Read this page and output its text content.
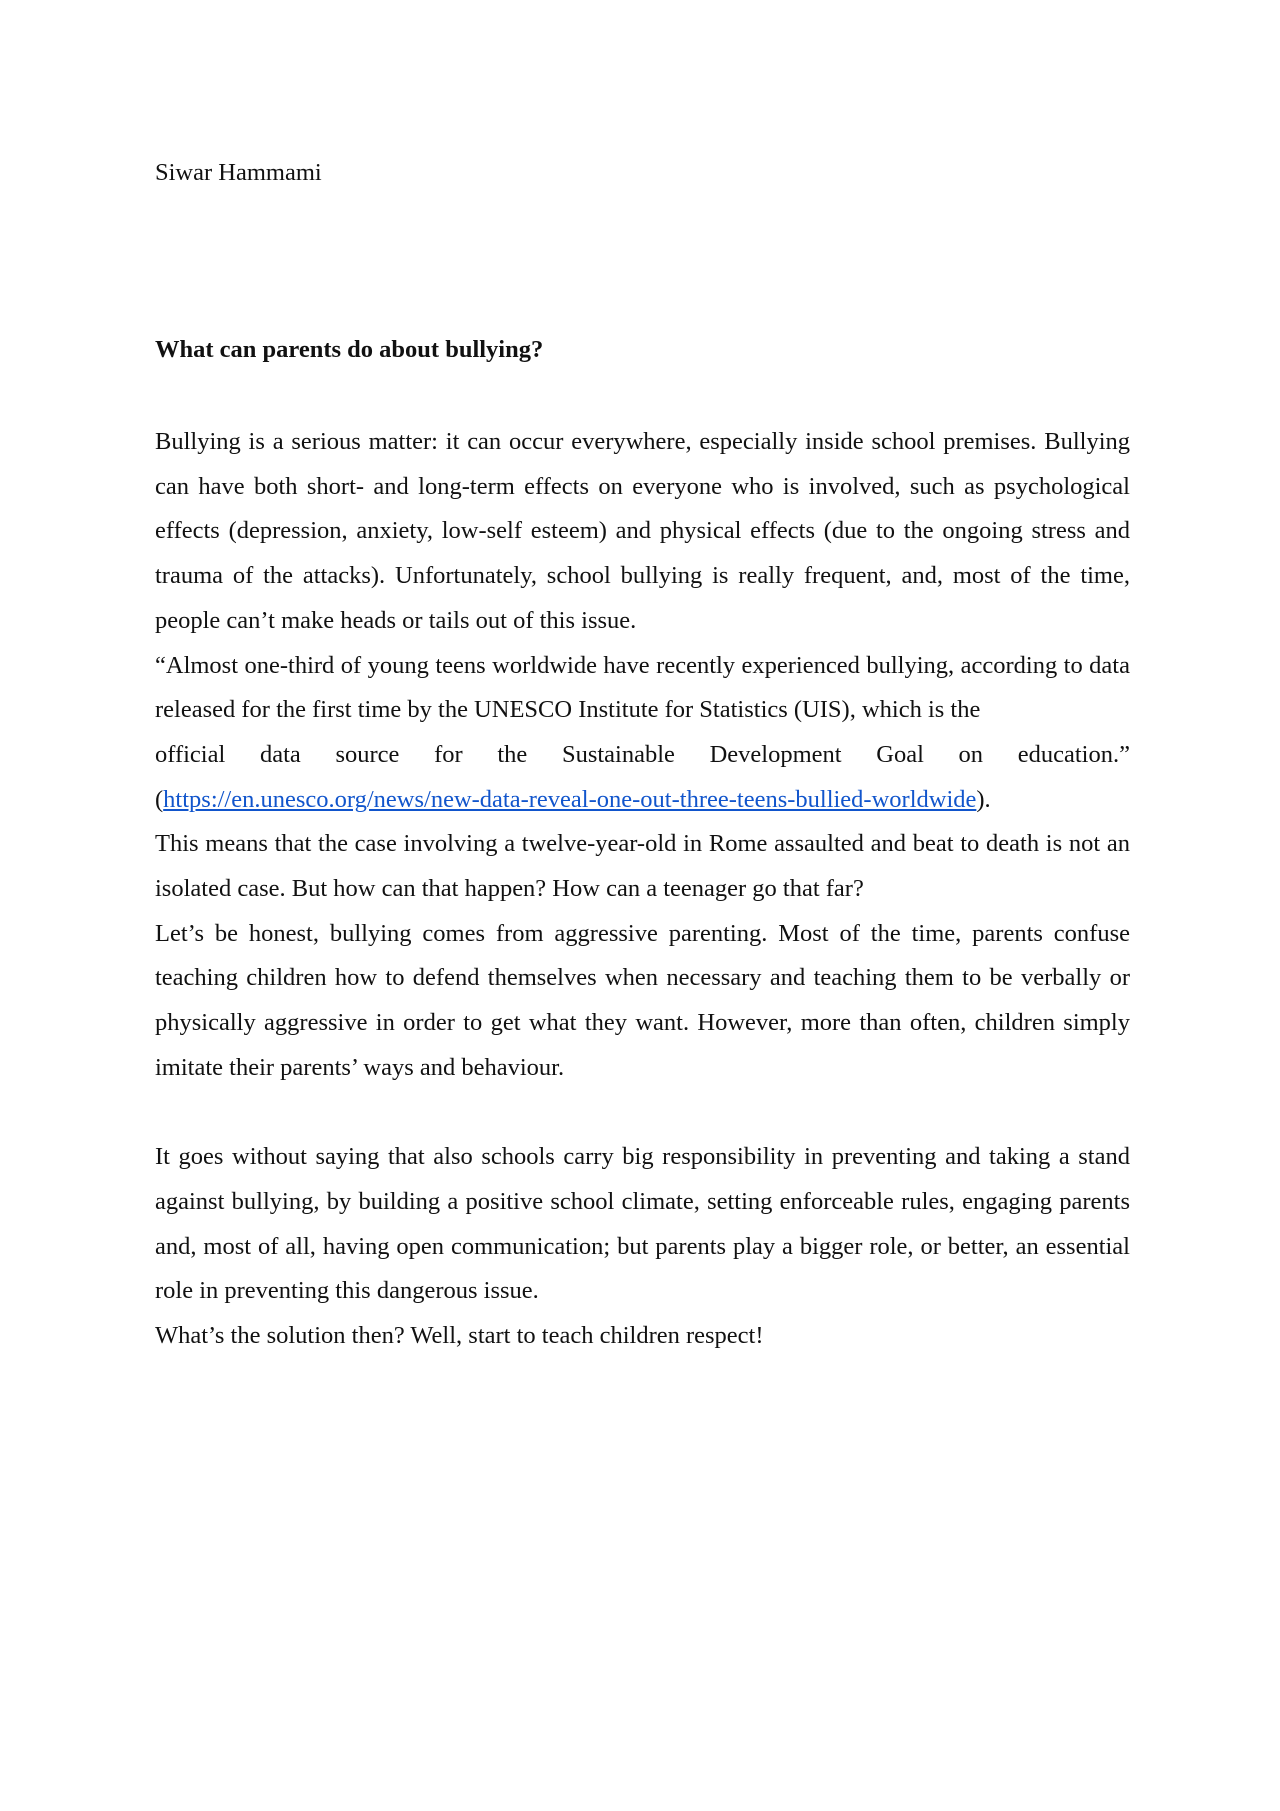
Siwar Hammami
What can parents do about bullying?

Bullying is a serious matter: it can occur everywhere, especially inside school premises. Bullying can have both short- and long-term effects on everyone who is involved, such as psychological effects (depression, anxiety, low-self esteem) and physical effects (due to the ongoing stress and trauma of the attacks). Unfortunately, school bullying is really frequent, and, most of the time, people can’t make heads or tails out of this issue.

“Almost one-third of young teens worldwide have recently experienced bullying, according to data released for the first time by the UNESCO Institute for Statistics (UIS), which is the

official data source for the Sustainable Development Goal on education.”

(https://en.unesco.org/news/new-data-reveal-one-out-three-teens-bullied-worldwide).

This means that the case involving a twelve-year-old in Rome assaulted and beat to death is not an isolated case. But how can that happen? How can a teenager go that far?

Let’s be honest, bullying comes from aggressive parenting. Most of the time, parents confuse teaching children how to defend themselves when necessary and teaching them to be verbally or physically aggressive in order to get what they want. However, more than often, children simply imitate their parents’ ways and behaviour.

It goes without saying that also schools carry big responsibility in preventing and taking a stand against bullying, by building a positive school climate, setting enforceable rules, engaging parents and, most of all, having open communication; but parents play a bigger role, or better, an essential role in preventing this dangerous issue.

What’s the solution then? Well, start to teach children respect!
